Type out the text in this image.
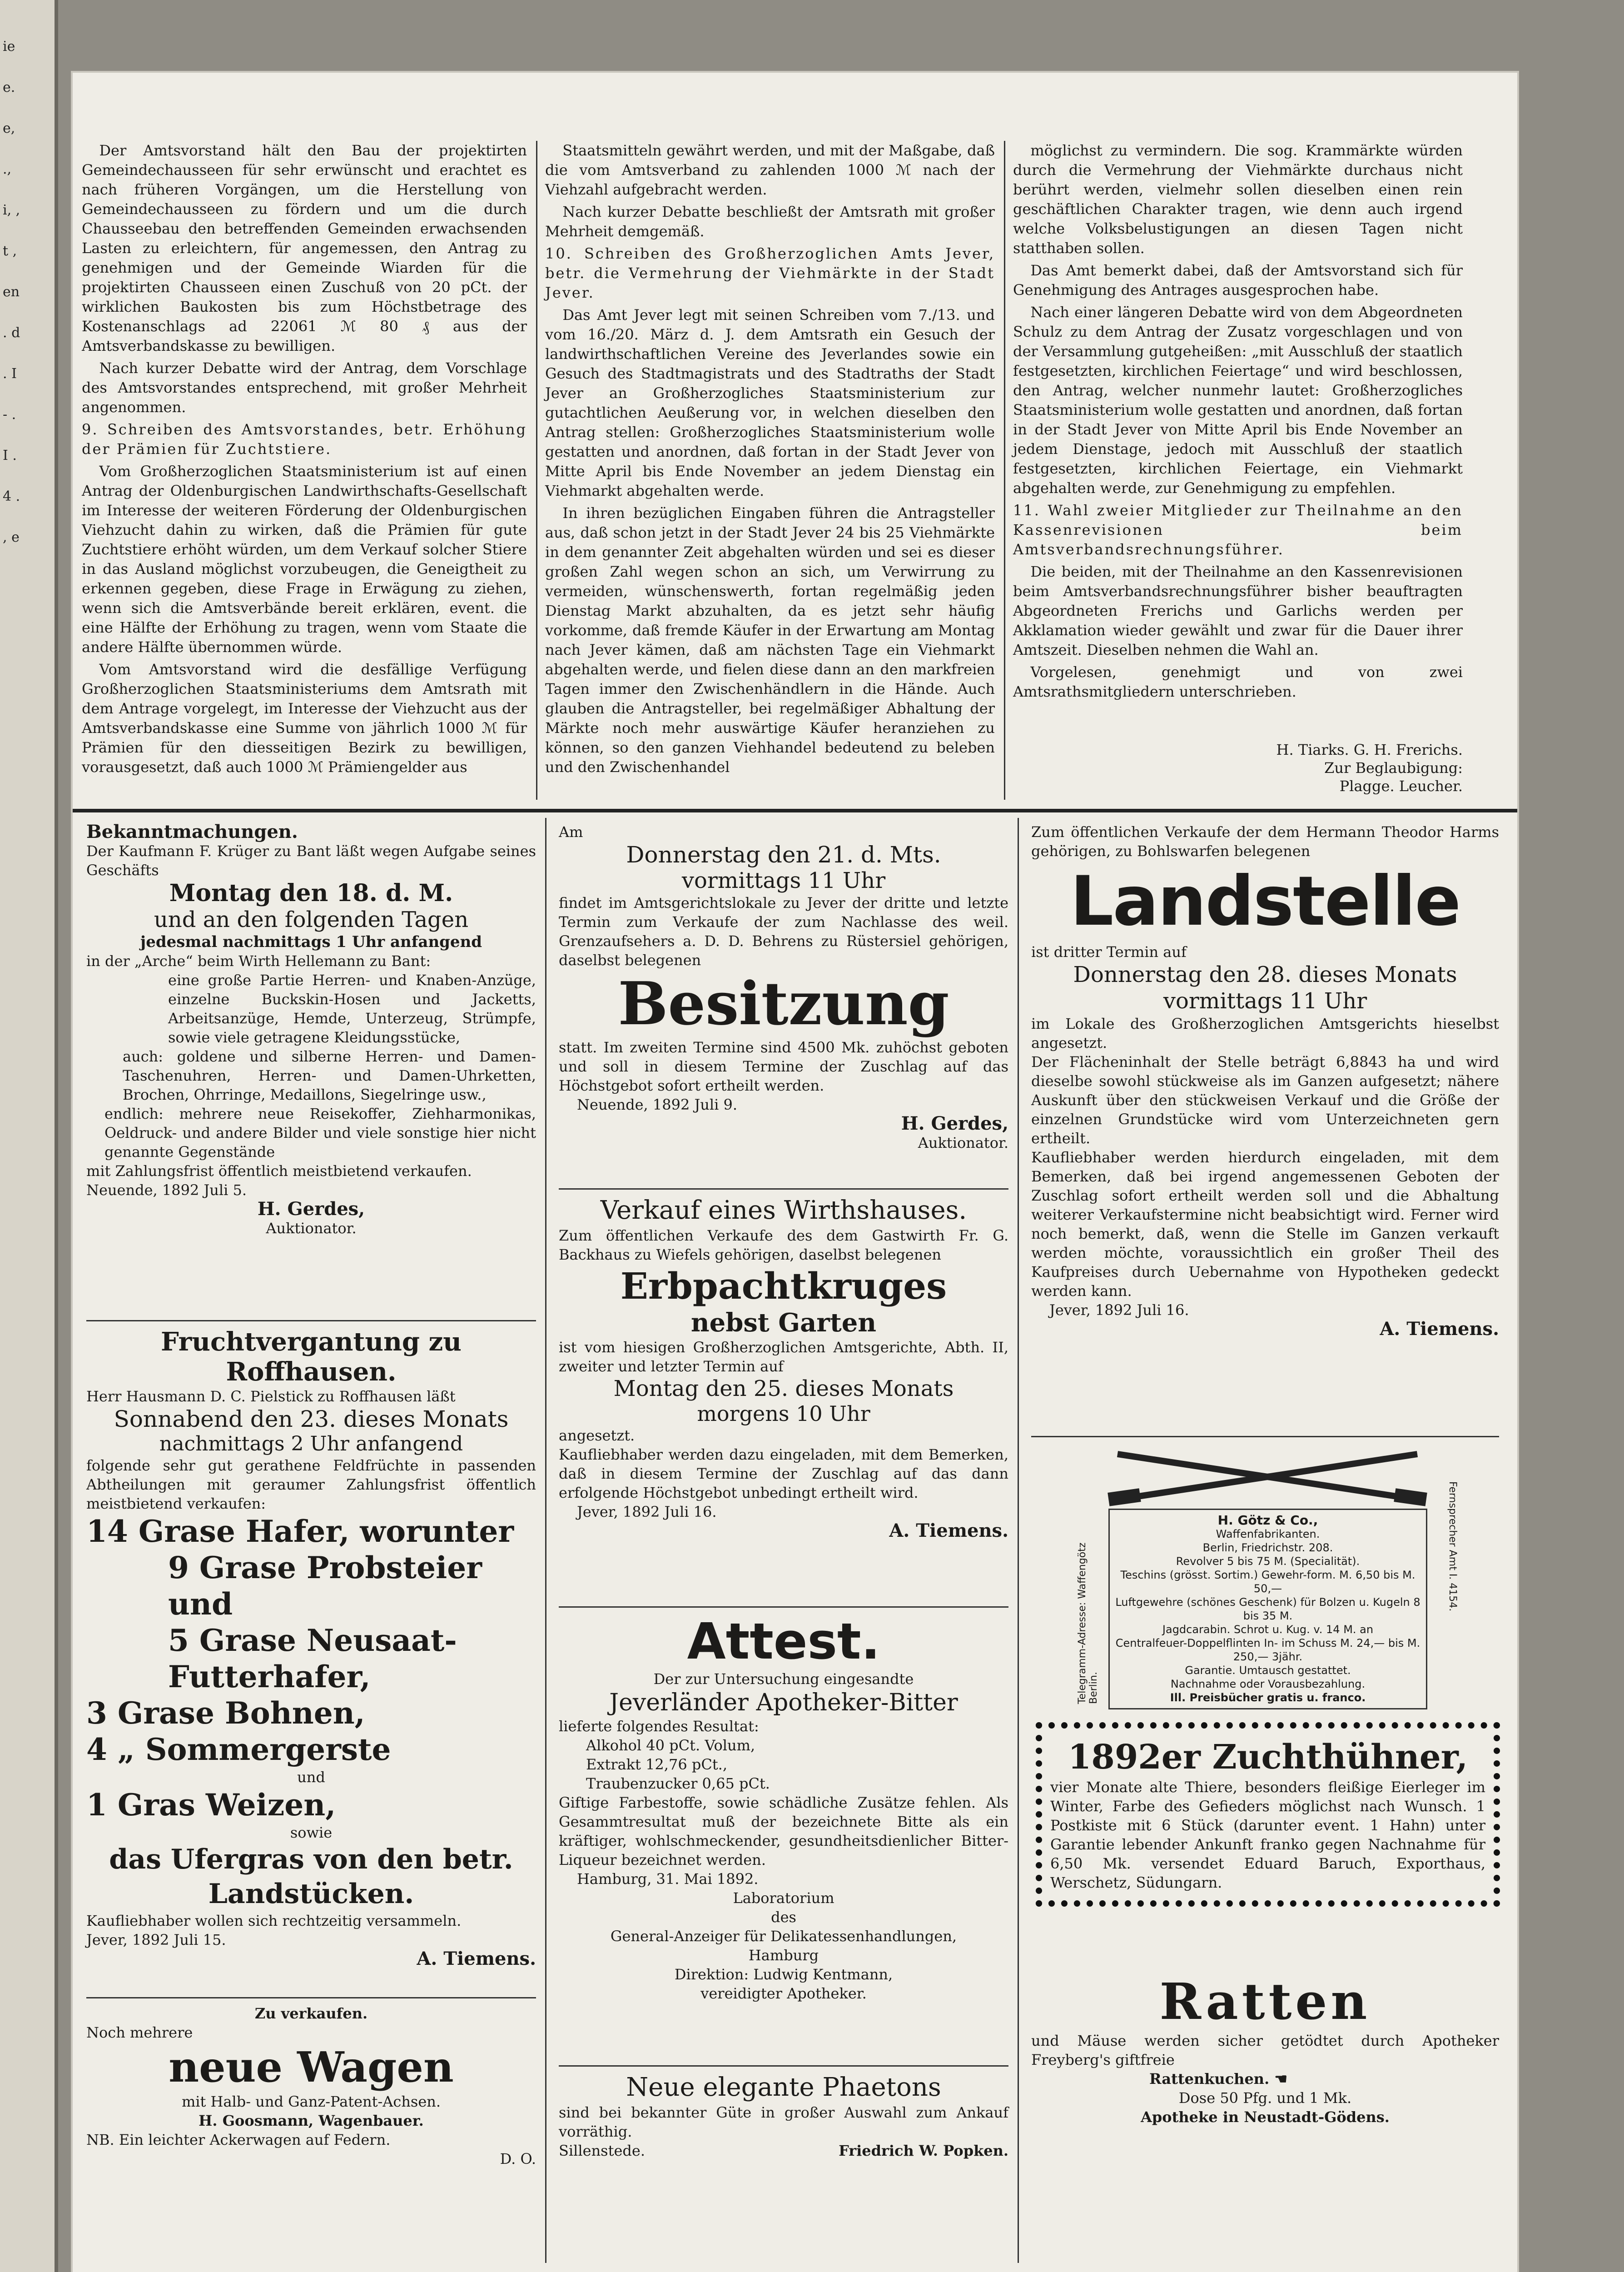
ie e. e, ., i, , t , en . d . I- . I . 4 . , e

Der Amtsvorstand hält den Bau der projektirten Gemeindechausseen für sehr erwünscht und erachtet es nach früheren Vorgängen, um die Herstellung von Gemeindechausseen zu fördern und um die durch Chausseebau den betreffenden Gemeinden erwachsenden Lasten zu erleichtern, für angemessen, den Antrag zu genehmigen und der Gemeinde Wiarden für die projektirten Chausseen einen Zuschuß von 20 pCt. der wirklichen Baukosten bis zum Höchstbetrage des Kostenanschlags ad 22061 ℳ 80 ₰ aus der Amtsverbandskasse zu bewilligen.

Nach kurzer Debatte wird der Antrag, dem Vorschlage des Amtsvorstandes entsprechend, mit großer Mehrheit angenommen.

9. Schreiben des Amtsvorstandes, betr. Erhöhung der Prämien für Zuchtstiere.

Vom Großherzoglichen Staatsministerium ist auf einen Antrag der Oldenburgischen Landwirthschafts-Gesellschaft im Interesse der weiteren Förderung der Oldenburgischen Viehzucht dahin zu wirken, daß die Prämien für gute Zuchtstiere erhöht würden, um dem Verkauf solcher Stiere in das Ausland möglichst vorzubeugen, die Geneigtheit zu erkennen gegeben, diese Frage in Erwägung zu ziehen, wenn sich die Amtsverbände bereit erklären, event. die eine Hälfte der Erhöhung zu tragen, wenn vom Staate die andere Hälfte übernommen würde.

Vom Amtsvorstand wird die desfällige Verfügung Großherzoglichen Staatsministeriums dem Amtsrath mit dem Antrage vorgelegt, im Interesse der Viehzucht aus der Amtsverbandskasse eine Summe von jährlich 1000 ℳ für Prämien für den diesseitigen Bezirk zu bewilligen, vorausgesetzt, daß auch 1000 ℳ Prämiengelder aus

Staatsmitteln gewährt werden, und mit der Maßgabe, daß die vom Amtsverband zu zahlenden 1000 ℳ nach der Viehzahl aufgebracht werden.

Nach kurzer Debatte beschließt der Amtsrath mit großer Mehrheit demgemäß.

10. Schreiben des Großherzoglichen Amts Jever, betr. die Vermehrung der Viehmärkte in der Stadt Jever.

Das Amt Jever legt mit seinen Schreiben vom 7./13. und vom 16./20. März d. J. dem Amtsrath ein Gesuch der landwirthschaftlichen Vereine des Jeverlandes sowie ein Gesuch des Stadtmagistrats und des Stadtraths der Stadt Jever an Großherzogliches Staatsministerium zur gutachtlichen Aeußerung vor, in welchen dieselben den Antrag stellen: Großherzogliches Staatsministerium wolle gestatten und anordnen, daß fortan in der Stadt Jever von Mitte April bis Ende November an jedem Dienstag ein Viehmarkt abgehalten werde.

In ihren bezüglichen Eingaben führen die Antragsteller aus, daß schon jetzt in der Stadt Jever 24 bis 25 Viehmärkte in dem genannter Zeit abgehalten würden und sei es dieser großen Zahl wegen schon an sich, um Verwirrung zu vermeiden, wünschenswerth, fortan regelmäßig jeden Dienstag Markt abzuhalten, da es jetzt sehr häufig vorkomme, daß fremde Käufer in der Erwartung am Montag nach Jever kämen, daß am nächsten Tage ein Viehmarkt abgehalten werde, und fielen diese dann an den markfreien Tagen immer den Zwischenhändlern in die Hände. Auch glauben die Antragsteller, bei regelmäßiger Abhaltung der Märkte noch mehr auswärtige Käufer heranziehen zu können, so den ganzen Viehhandel bedeutend zu beleben und den Zwischenhandel

möglichst zu vermindern. Die sog. Krammärkte würden durch die Vermehrung der Viehmärkte durchaus nicht berührt werden, vielmehr sollen dieselben einen rein geschäftlichen Charakter tragen, wie denn auch irgend welche Volksbelustigungen an diesen Tagen nicht statthaben sollen.

Das Amt bemerkt dabei, daß der Amtsvorstand sich für Genehmigung des Antrages ausgesprochen habe.

Nach einer längeren Debatte wird von dem Abgeordneten Schulz zu dem Antrag der Zusatz vorgeschlagen und von der Versammlung gutgeheißen: „mit Ausschluß der staatlich festgesetzten, kirchlichen Feiertage“ und wird beschlossen, den Antrag, welcher nunmehr lautet: Großherzogliches Staatsministerium wolle gestatten und anordnen, daß fortan in der Stadt Jever von Mitte April bis Ende November an jedem Dienstage, jedoch mit Ausschluß der staatlich festgesetzten, kirchlichen Feiertage, ein Viehmarkt abgehalten werde, zur Genehmigung zu empfehlen.

11. Wahl zweier Mitglieder zur Theilnahme an den Kassenrevisionen beim Amtsverbandsrechnungsführer.

Die beiden, mit der Theilnahme an den Kassenrevisionen beim Amtsverbandsrechnungsführer bisher beauftragten Abgeordneten Frerichs und Garlichs werden per Akklamation wieder gewählt und zwar für die Dauer ihrer Amtszeit. Dieselben nehmen die Wahl an.

Vorgelesen, genehmigt und von zwei Amtsrathsmitgliedern unterschrieben.

H. Tiarks. G. H. Frerichs.
Zur Beglaubigung:
Plagge. Leucher.
Bekanntmachungen.
Der Kaufmann F. Krüger zu Bant läßt wegen Aufgabe seines Geschäfts
Montag den 18. d. M.
und an den folgenden Tagen
jedesmal nachmittags 1 Uhr anfangend
in der „Arche“ beim Wirth Hellemann zu Bant:
eine große Partie Herren- und Knaben-Anzüge, einzelne Buckskin-Hosen und Jacketts, Arbeitsanzüge, Hemde, Unterzeug, Strümpfe, sowie viele getragene Kleidungsstücke,
auch: goldene und silberne Herren- und Damen-Taschenuhren, Herren- und Damen-Uhrketten, Brochen, Ohrringe, Medaillons, Siegelringe usw.,
endlich: mehrere neue Reisekoffer, Ziehharmonikas, Oeldruck- und andere Bilder und viele sonstige hier nicht genannte Gegenstände
mit Zahlungsfrist öffentlich meistbietend verkaufen.
Neuende, 1892 Juli 5.
H. Gerdes,
Auktionator.
Fruchtvergantung zu Roffhausen.
Herr Hausmann D. C. Pielstick zu Roffhausen läßt
Sonnabend den 23. dieses Monats
nachmittags 2 Uhr anfangend
folgende sehr gut gerathene Feldfrüchte in passenden Abtheilungen mit geraumer Zahlungsfrist öffentlich meistbietend verkaufen:
14 Grase Hafer, worunter
9 Grase Probsteier und
5 Grase Neusaat-Futterhafer,
3 Grase Bohnen,
4 „ Sommergerste
und
1 Gras Weizen,
sowie
das Ufergras von den betr. Landstücken.
Kaufliebhaber wollen sich rechtzeitig versammeln.
Jever, 1892 Juli 15.
A. Tiemens.
Zu verkaufen.
Noch mehrere
neue Wagen
mit Halb- und Ganz-Patent-Achsen.
H. Goosmann, Wagenbauer.
NB. Ein leichter Ackerwagen auf Federn.
D. O.
Am
Donnerstag den 21. d. Mts.
vormittags 11 Uhr
findet im Amtsgerichtslokale zu Jever der dritte und letzte Termin zum Verkaufe der zum Nachlasse des weil. Grenzaufsehers a. D. D. Behrens zu Rüstersiel gehörigen, daselbst belegenen
Besitzung
statt. Im zweiten Termine sind 4500 Mk. zuhöchst geboten und soll in diesem Termine der Zuschlag auf das Höchstgebot sofort ertheilt werden.
Neuende, 1892 Juli 9.
H. Gerdes,
Auktionator.
Verkauf eines Wirthshauses.
Zum öffentlichen Verkaufe des dem Gastwirth Fr. G. Backhaus zu Wiefels gehörigen, daselbst belegenen
Erbpachtkruges
nebst Garten
ist vom hiesigen Großherzoglichen Amtsgerichte, Abth. II, zweiter und letzter Termin auf
Montag den 25. dieses Monats
morgens 10 Uhr
angesetzt.
Kaufliebhaber werden dazu eingeladen, mit dem Bemerken, daß in diesem Termine der Zuschlag auf das dann erfolgende Höchstgebot unbedingt ertheilt wird.
Jever, 1892 Juli 16.
A. Tiemens.
Attest.
Der zur Untersuchung eingesandte
Jeverländer Apotheker-Bitter
lieferte folgendes Resultat:
Alkohol 40 pCt. Volum,
Extrakt 12,76 pCt.,
Traubenzucker 0,65 pCt.
Giftige Farbestoffe, sowie schädliche Zusätze fehlen. Als Gesammtresultat muß der bezeichnete Bitte als ein kräftiger, wohlschmeckender, gesundheitsdienlicher Bitter-Liqueur bezeichnet werden.
Hamburg, 31. Mai 1892.
Laboratorium
des
General-Anzeiger für Delikatessenhandlungen,
Hamburg
Direktion: Ludwig Kentmann,
vereidigter Apotheker.
Neue elegante Phaetons
sind bei bekannter Güte in großer Auswahl zum Ankauf vorräthig.
Sillenstede.	Friedrich W. Popken.
Zum öffentlichen Verkaufe der dem Hermann Theodor Harms gehörigen, zu Bohlswarfen belegenen
Landstelle
ist dritter Termin auf
Donnerstag den 28. dieses Monats
vormittags 11 Uhr
im Lokale des Großherzoglichen Amtsgerichts hieselbst angesetzt.
Der Flächeninhalt der Stelle beträgt 6,8843 ha und wird dieselbe sowohl stückweise als im Ganzen aufgesetzt; nähere Auskunft über den stückweisen Verkauf und die Größe der einzelnen Grundstücke wird vom Unterzeichneten gern ertheilt.
Kaufliebhaber werden hierdurch eingeladen, mit dem Bemerken, daß bei irgend angemessenen Geboten der Zuschlag sofort ertheilt werden soll und die Abhaltung weiterer Verkaufstermine nicht beabsichtigt wird. Ferner wird noch bemerkt, daß, wenn die Stelle im Ganzen verkauft werden möchte, voraussichtlich ein großer Theil des Kaufpreises durch Uebernahme von Hypotheken gedeckt werden kann.
Jever, 1892 Juli 16.
A. Tiemens.
Telegramm-Adresse: Waffengötz Berlin.
Fernsprecher Amt I. 4154.
H. Götz & Co.,
Waffenfabrikanten.
Berlin, Friedrichstr. 208.
Revolver 5 bis 75 M. (Specialität).
Teschins (grösst. Sortim.) Gewehr-form. M. 6,50 bis M. 50,—
Luftgewehre (schönes Geschenk) für Bolzen u. Kugeln 8 bis 35 M.
Jagdcarabin. Schrot u. Kug. v. 14 M. an
Centralfeuer-Doppelflinten In- im Schuss M. 24,— bis M. 250,— 3jähr.
Garantie. Umtausch gestattet.
Nachnahme oder Vorausbezahlung.
Ill. Preisbücher gratis u. franco.
1892er Zuchthühner,
vier Monate alte Thiere, besonders fleißige Eierleger im Winter, Farbe des Gefieders möglichst nach Wunsch. 1 Postkiste mit 6 Stück (darunter event. 1 Hahn) unter Garantie lebender Ankunft franko gegen Nachnahme für 6,50 Mk. versendet Eduard Baruch, Exporthaus, Werschetz, Südungarn.
Ratten
und Mäuse werden sicher getödtet durch Apotheker Freyberg's giftfreie
Rattenkuchen. ☚
Dose 50 Pfg. und 1 Mk.
Apotheke in Neustadt-Gödens.
